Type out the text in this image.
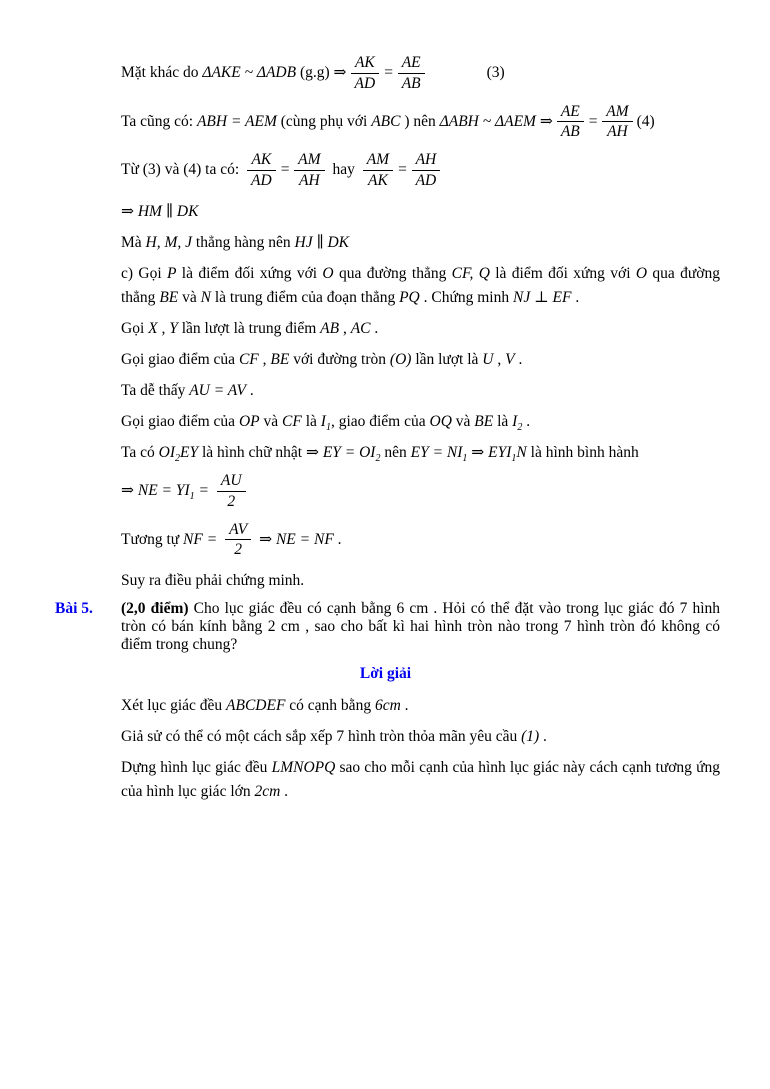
Mặt khác do ΔAKE ~ ΔADB (g.g) ⇒ $\frac{AK}{AD} = \frac{AE}{AB}$	(3)

Ta cũng có: ABH = AEM (cùng phụ với ABC ) nên ΔABH ~ ΔAEM ⇒ $\frac{AE}{AB} = \frac{AM}{AH} (4)$

Từ (3) và (4) ta có: $\frac{AK}{AD} = \frac{AM}{AH}$ hay $\frac{AM}{AK} = \frac{AH}{AD}$

⇒ HM ∥ DK

Mà H, M, J thẳng hàng nên HJ ∥ DK

c) Gọi P là điểm đối xứng với O qua đường thẳng CF, Q là điểm đối xứng với O qua đường thẳng BE và N là trung điểm của đoạn thẳng PQ . Chứng minh NJ ⊥ EF .

Gọi X , Y lần lượt là trung điểm AB , AC .

Gọi giao điểm của CF , BE với đường tròn (O) lần lượt là U , V .

Ta dễ thấy AU = AV .

Gọi giao điểm của OP và CF là $I_1$, giao điểm của OQ và BE là $I_2$ .

Ta có $OI_2EY$ là hình chữ nhật ⇒ EY = $OI_2$ nên EY = $NI_1$ ⇒ $EYI_1N$ là hình bình hành

⇒ NE = $YI_1 = \frac{AU}{2}$

Tương tự NF = $\frac{AV}{2}$ ⇒ NE = NF .

Suy ra điều phải chứng minh.

Bài 5. (2,0 điểm) Cho lục giác đều có cạnh bằng 6 cm . Hỏi có thể đặt vào trong lục giác đó 7 hình tròn có bán kính bằng 2 cm , sao cho bất kì hai hình tròn nào trong 7 hình tròn đó không có điểm trong chung?

Lời giải

Xét lục giác đều ABCDEF có cạnh bằng 6cm .

Giả sử có thể có một cách sắp xếp 7 hình tròn thỏa mãn yêu cầu (1) .

Dựng hình lục giác đều LMNOPQ sao cho mỗi cạnh của hình lục giác này cách cạnh tương ứng của hình lục giác lớn 2cm .
